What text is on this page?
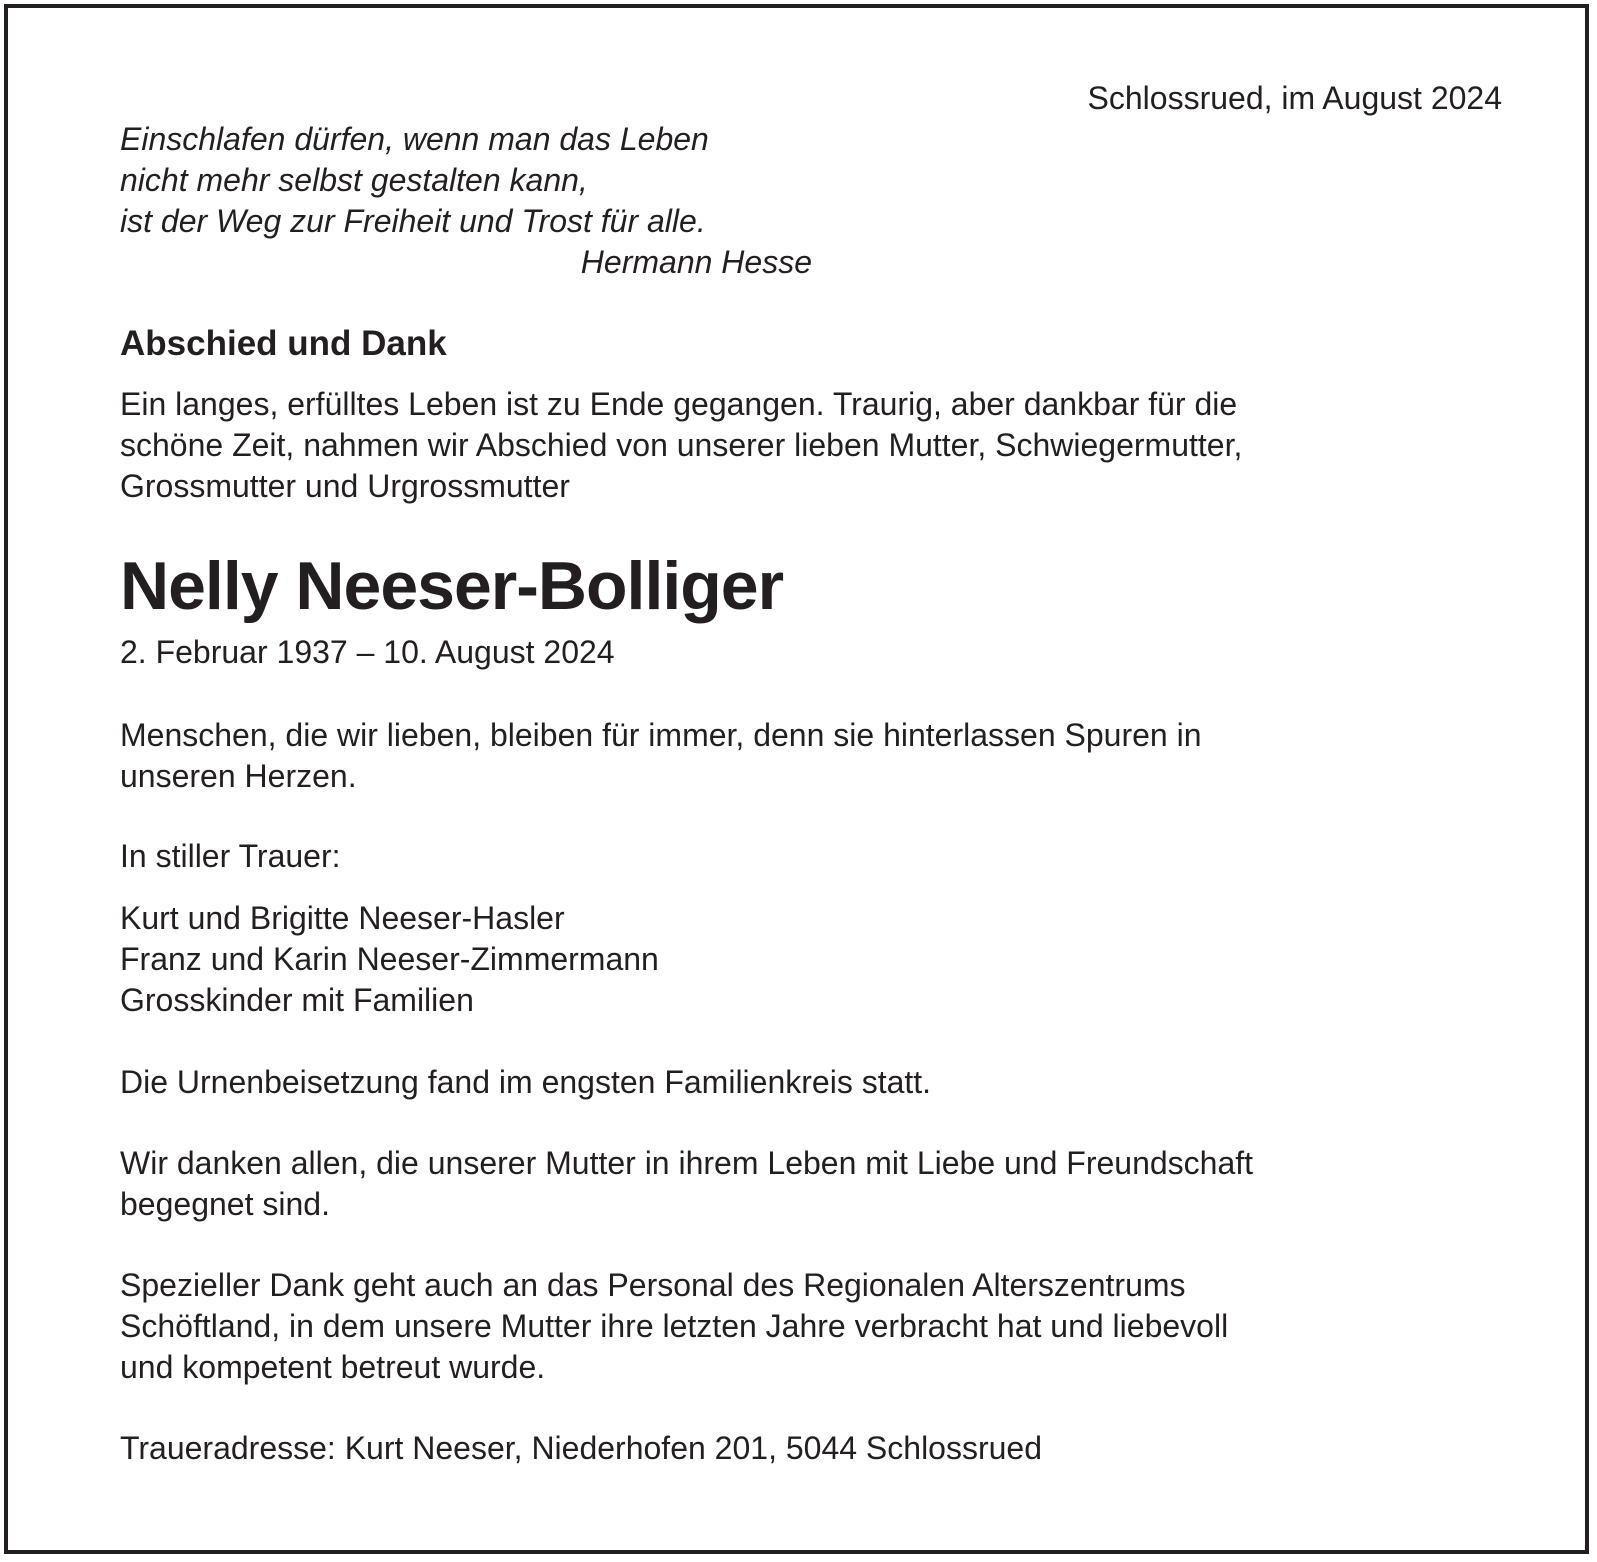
Schlossrued, im August 2024
Einschlafen dürfen, wenn man das Leben
nicht mehr selbst gestalten kann,
ist der Weg zur Freiheit und Trost für alle.
Hermann Hesse
Abschied und Dank
Ein langes, erfülltes Leben ist zu Ende gegangen. Traurig, aber dankbar für die
schöne Zeit, nahmen wir Abschied von unserer lieben Mutter, Schwiegermutter,
Grossmutter und Urgrossmutter
Nelly Neeser-Bolliger
2. Februar 1937 – 10. August 2024
Menschen, die wir lieben, bleiben für immer, denn sie hinterlassen Spuren in
unseren Herzen.
In stiller Trauer:
Kurt und Brigitte Neeser-Hasler
Franz und Karin Neeser-Zimmermann
Grosskinder mit Familien
Die Urnenbeisetzung fand im engsten Familienkreis statt.
Wir danken allen, die unserer Mutter in ihrem Leben mit Liebe und Freundschaft
begegnet sind.
Spezieller Dank geht auch an das Personal des Regionalen Alterszentrums
Schöftland, in dem unsere Mutter ihre letzten Jahre verbracht hat und liebevoll
und kompetent betreut wurde.
Traueradresse: Kurt Neeser, Niederhofen 201, 5044 Schlossrued
